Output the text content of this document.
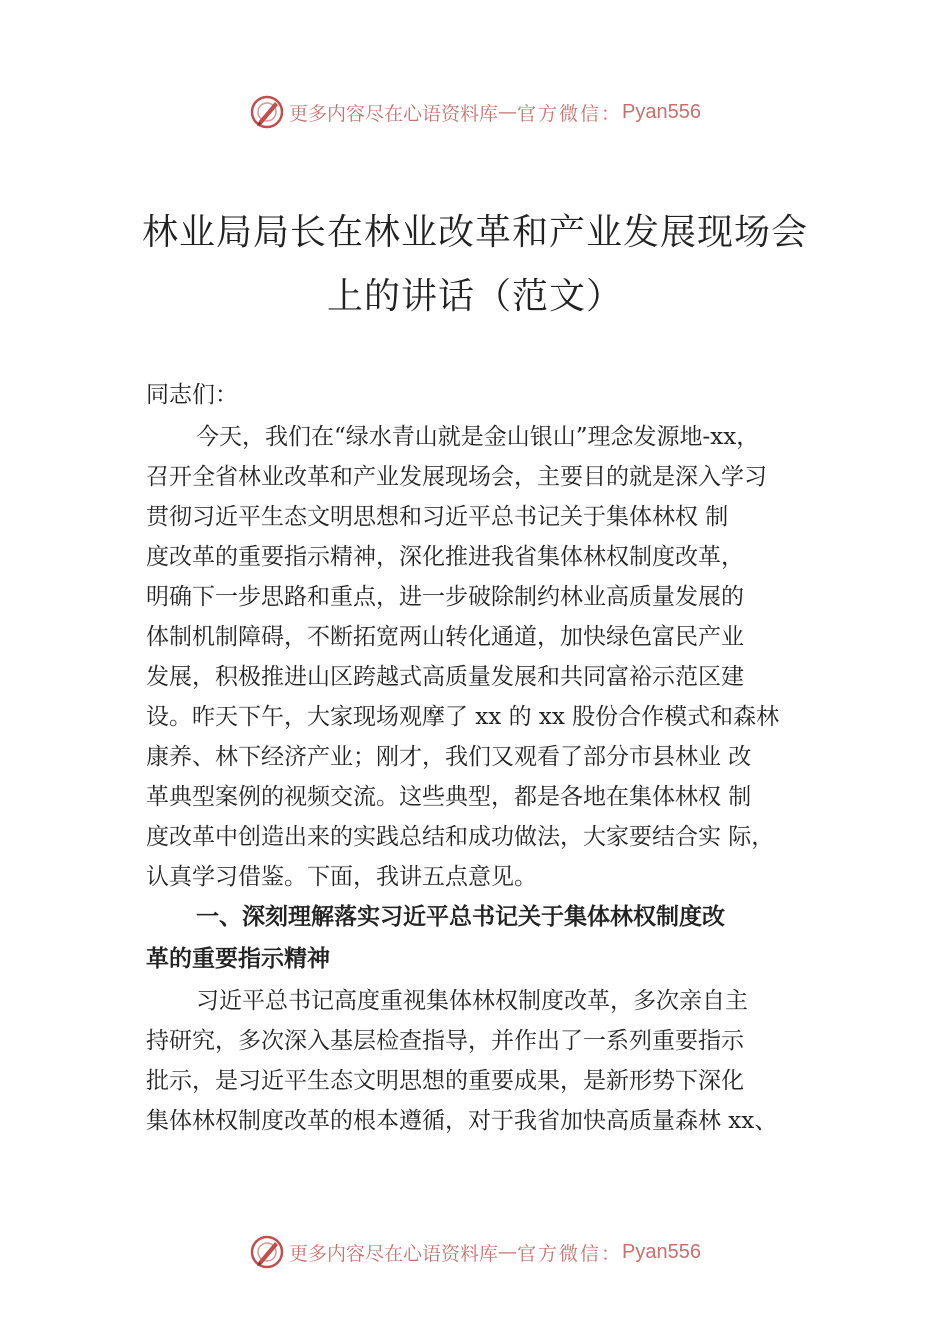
更多内容尽在心语资料库 — 官方微信： Pyan556
林业局局长在林业改革和产业发展现场会
上的讲话（范文）
同志们：
今天，我们在“绿水青山就是金山银山”理念发源地-xx，
召开全省林业改革和产业发展现场会，主要目的就是深入学习
贯彻习近平生态文明思想和习近平总书记关于集体林权 制
度改革的重要指示精神，深化推进我省集体林权制度改革，
明确下一步思路和重点，进一步破除制约林业高质量发展的
体制机制障碍，不断拓宽两山转化通道，加快绿色富民产业
发展，积极推进山区跨越式高质量发展和共同富裕示范区建
设。昨天下午，大家现场观摩了 xx 的 xx 股份合作模式和森林
康养、林下经济产业；刚才，我们又观看了部分市县林业 改
革典型案例的视频交流。这些典型，都是各地在集体林权 制
度改革中创造出来的实践总结和成功做法，大家要结合实 际，
认真学习借鉴。下面，我讲五点意见。
一、深刻理解落实习近平总书记关于集体林权制度改
革的重要指示精神
习近平总书记高度重视集体林权制度改革，多次亲自主
持研究，多次深入基层检查指导，并作出了一系列重要指示
批示，是习近平生态文明思想的重要成果，是新形势下深化
集体林权制度改革的根本遵循，对于我省加快高质量森林 xx、
更多内容尽在心语资料库 — 官方微信： Pyan556
